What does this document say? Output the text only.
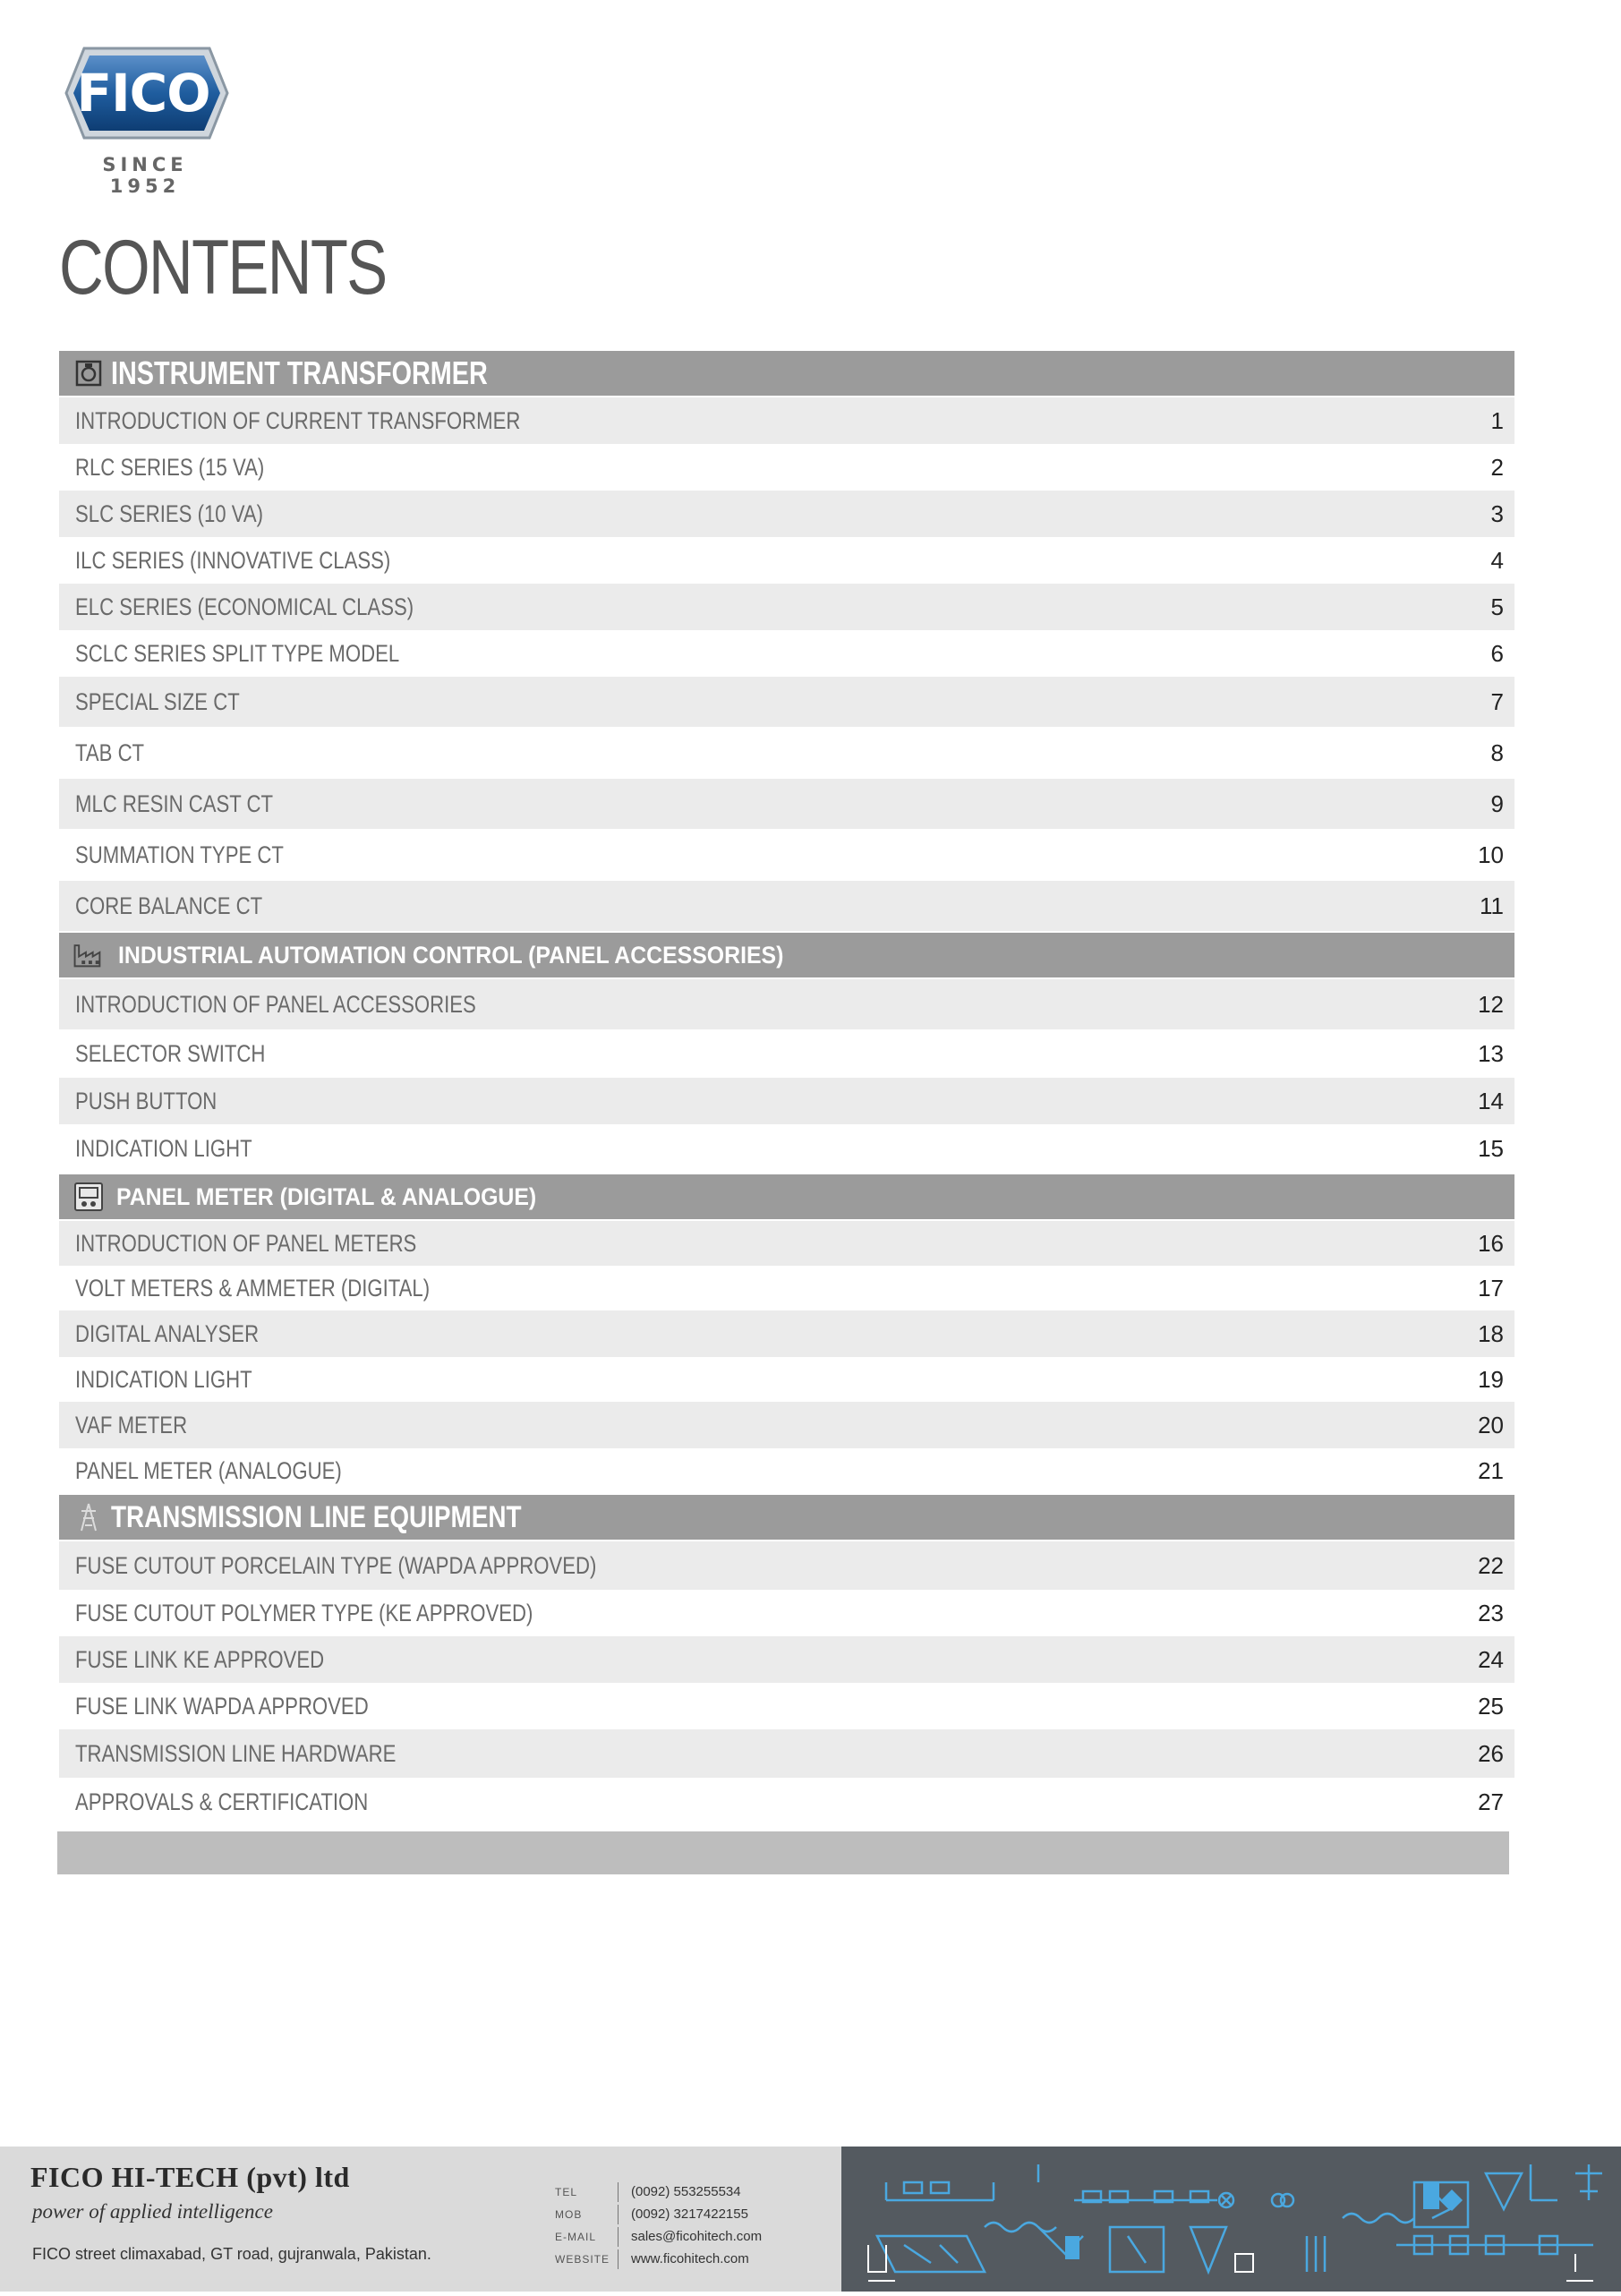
FICO
SINCE 1952
CONTENTS
INSTRUMENT TRANSFORMER
INTRODUCTION OF CURRENT TRANSFORMER	1
RLC SERIES (15 VA)	2
SLC SERIES (10 VA)	3
ILC SERIES (INNOVATIVE CLASS)	4
ELC SERIES (ECONOMICAL CLASS)	5
SCLC SERIES SPLIT TYPE MODEL	6
SPECIAL SIZE CT	7
TAB CT	8
MLC RESIN CAST CT	9
SUMMATION TYPE CT	10
CORE BALANCE CT	11
INDUSTRIAL AUTOMATION CONTROL (PANEL ACCESSORIES)
INTRODUCTION OF PANEL ACCESSORIES	12
SELECTOR SWITCH	13
PUSH BUTTON	14
INDICATION LIGHT	15
PANEL METER (DIGITAL & ANALOGUE)
INTRODUCTION OF PANEL METERS	16
VOLT METERS & AMMETER (DIGITAL)	17
DIGITAL ANALYSER	18
INDICATION LIGHT	19
VAF METER	20
PANEL METER (ANALOGUE)	21
TRANSMISSION LINE EQUIPMENT
FUSE CUTOUT PORCELAIN TYPE (WAPDA APPROVED)	22
FUSE CUTOUT POLYMER TYPE (KE APPROVED)	23
FUSE LINK KE APPROVED	24
FUSE LINK WAPDA APPROVED	25
TRANSMISSION LINE HARDWARE	26
APPROVALS & CERTIFICATION	27
FICO HI-TECH (pvt) ltd
power of applied intelligence
FICO street climaxabad, GT road, gujranwala, Pakistan.
TEL	(0092) 553255534
MOB	(0092) 3217422155
E-MAIL	sales@ficohitech.com
WEBSITE	www.ficohitech.com
